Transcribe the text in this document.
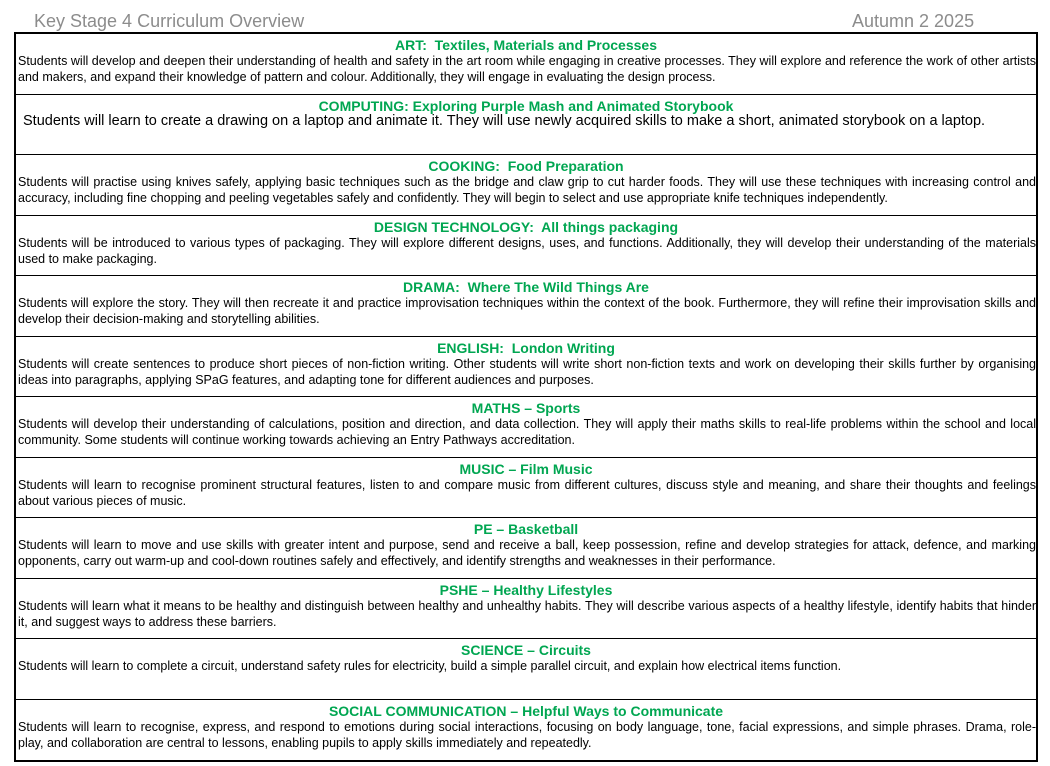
Key Stage 4 Curriculum Overview	Autumn 2 2025
ART:  Textiles, Materials and Processes
Students will develop and deepen their understanding of health and safety in the art room while engaging in creative processes. They will explore and reference the work of other artists and makers, and expand their knowledge of pattern and colour. Additionally, they will engage in evaluating the design process.
COMPUTING: Exploring Purple Mash and Animated Storybook
Students will learn to create a drawing on a laptop and animate it. They will use newly acquired skills to make a short, animated storybook on a laptop.
COOKING:  Food Preparation
Students will practise using knives safely, applying basic techniques such as the bridge and claw grip to cut harder foods. They will use these techniques with increasing control and accuracy, including fine chopping and peeling vegetables safely and confidently. They will begin to select and use appropriate knife techniques independently.
DESIGN TECHNOLOGY:  All things packaging
Students will be introduced to various types of packaging. They will explore different designs, uses, and functions. Additionally, they will develop their understanding of the materials used to make packaging.
DRAMA:  Where The Wild Things Are
Students will explore the story. They will then recreate it and practice improvisation techniques within the context of the book. Furthermore, they will refine their improvisation skills and develop their decision-making and storytelling abilities.
ENGLISH:  London Writing
Students will create sentences to produce short pieces of non-fiction writing. Other students will write short non-fiction texts and work on developing their skills further by organising ideas into paragraphs, applying SPaG features, and adapting tone for different audiences and purposes.
MATHS – Sports
Students will develop their understanding of calculations, position and direction, and data collection. They will apply their maths skills to real-life problems within the school and local community. Some students will continue working towards achieving an Entry Pathways accreditation.
MUSIC – Film Music
Students will learn to recognise prominent structural features, listen to and compare music from different cultures, discuss style and meaning, and share their thoughts and feelings about various pieces of music.
PE – Basketball
Students will learn to move and use skills with greater intent and purpose, send and receive a ball, keep possession, refine and develop strategies for attack, defence, and marking opponents, carry out warm-up and cool-down routines safely and effectively, and identify strengths and weaknesses in their performance.
PSHE – Healthy Lifestyles
Students will learn what it means to be healthy and distinguish between healthy and unhealthy habits. They will describe various aspects of a healthy lifestyle, identify habits that hinder it, and suggest ways to address these barriers.
SCIENCE – Circuits
Students will learn to complete a circuit, understand safety rules for electricity, build a simple parallel circuit, and explain how electrical items function.
SOCIAL COMMUNICATION – Helpful Ways to Communicate
Students will learn to recognise, express, and respond to emotions during social interactions, focusing on body language, tone, facial expressions, and simple phrases. Drama, role-play, and collaboration are central to lessons, enabling pupils to apply skills immediately and repeatedly.
